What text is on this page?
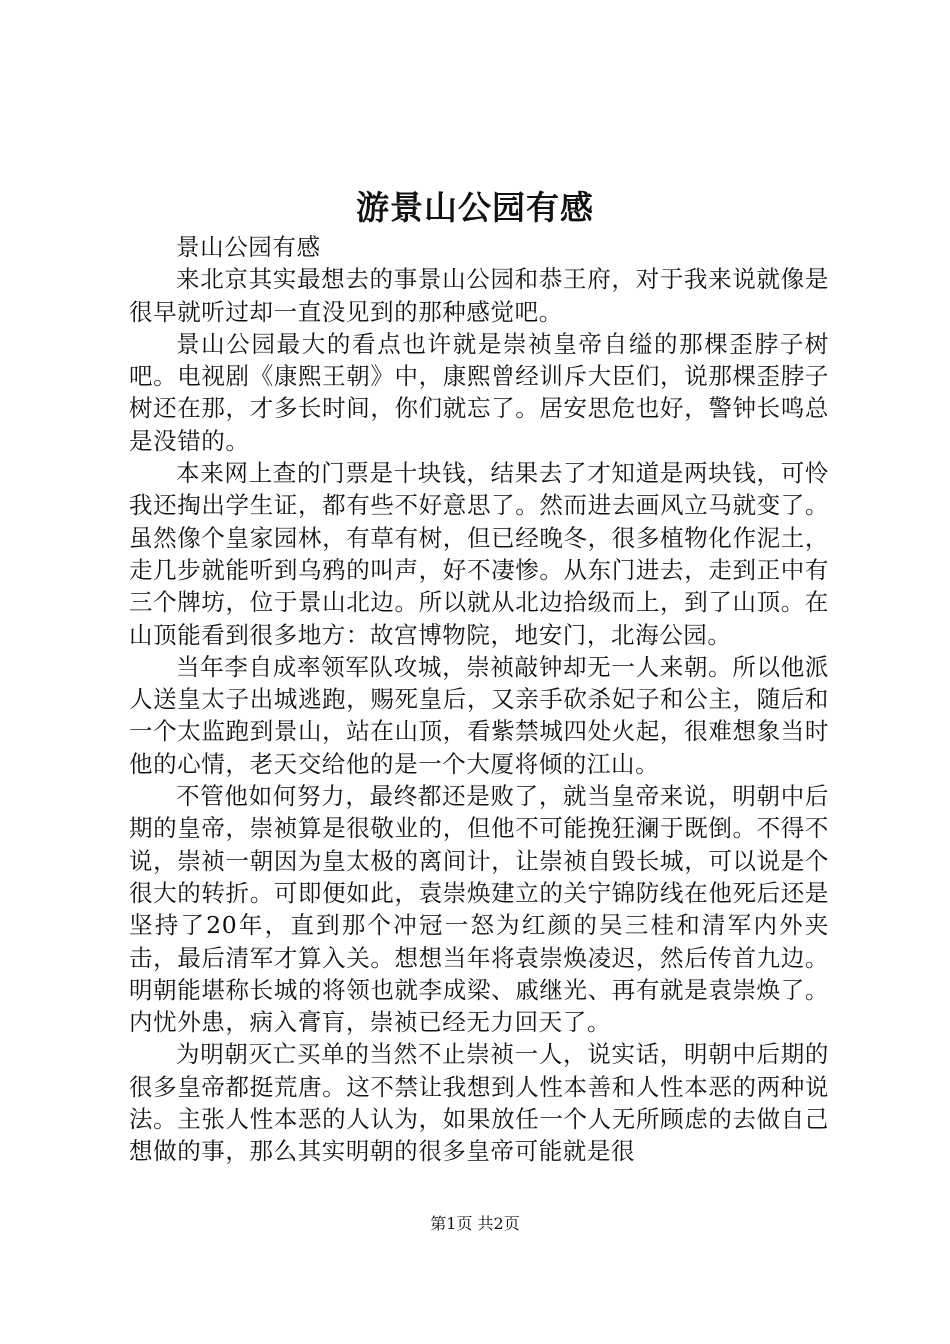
游景山公园有感

景山公园有感

来北京其实最想去的事景山公园和恭王府，对于我来说就像是很早就听过却一直没见到的那种感觉吧。

景山公园最大的看点也许就是崇祯皇帝自缢的那棵歪脖子树吧。电视剧《康熙王朝》中，康熙曾经训斥大臣们，说那棵歪脖子树还在那，才多长时间，你们就忘了。居安思危也好，警钟长鸣总是没错的。

本来网上查的门票是十块钱，结果去了才知道是两块钱，可怜我还掏出学生证，都有些不好意思了。然而进去画风立马就变了。虽然像个皇家园林，有草有树，但已经晚冬，很多植物化作泥土，走几步就能听到乌鸦的叫声，好不凄惨。从东门进去，走到正中有三个牌坊，位于景山北边。所以就从北边拾级而上，到了山顶。在山顶能看到很多地方：故宫博物院，地安门，北海公园。

当年李自成率领军队攻城，崇祯敲钟却无一人来朝。所以他派人送皇太子出城逃跑，赐死皇后，又亲手砍杀妃子和公主，随后和一个太监跑到景山，站在山顶，看紫禁城四处火起，很难想象当时他的心情，老天交给他的是一个大厦将倾的江山。

不管他如何努力，最终都还是败了，就当皇帝来说，明朝中后期的皇帝，崇祯算是很敬业的，但他不可能挽狂澜于既倒。不得不说，崇祯一朝因为皇太极的离间计，让崇祯自毁长城，可以说是个很大的转折。可即便如此，袁崇焕建立的关宁锦防线在他死后还是坚持了20年，直到那个冲冠一怒为红颜的吴三桂和清军内外夹击，最后清军才算入关。想想当年将袁崇焕凌迟，然后传首九边。明朝能堪称长城的将领也就李成梁、戚继光、再有就是袁崇焕了。内忧外患，病入膏肓，崇祯已经无力回天了。

为明朝灭亡买单的当然不止崇祯一人，说实话，明朝中后期的很多皇帝都挺荒唐。这不禁让我想到人性本善和人性本恶的两种说法。主张人性本恶的人认为，如果放任一个人无所顾虑的去做自己想做的事，那么其实明朝的很多皇帝可能就是很

第1页 共2页
